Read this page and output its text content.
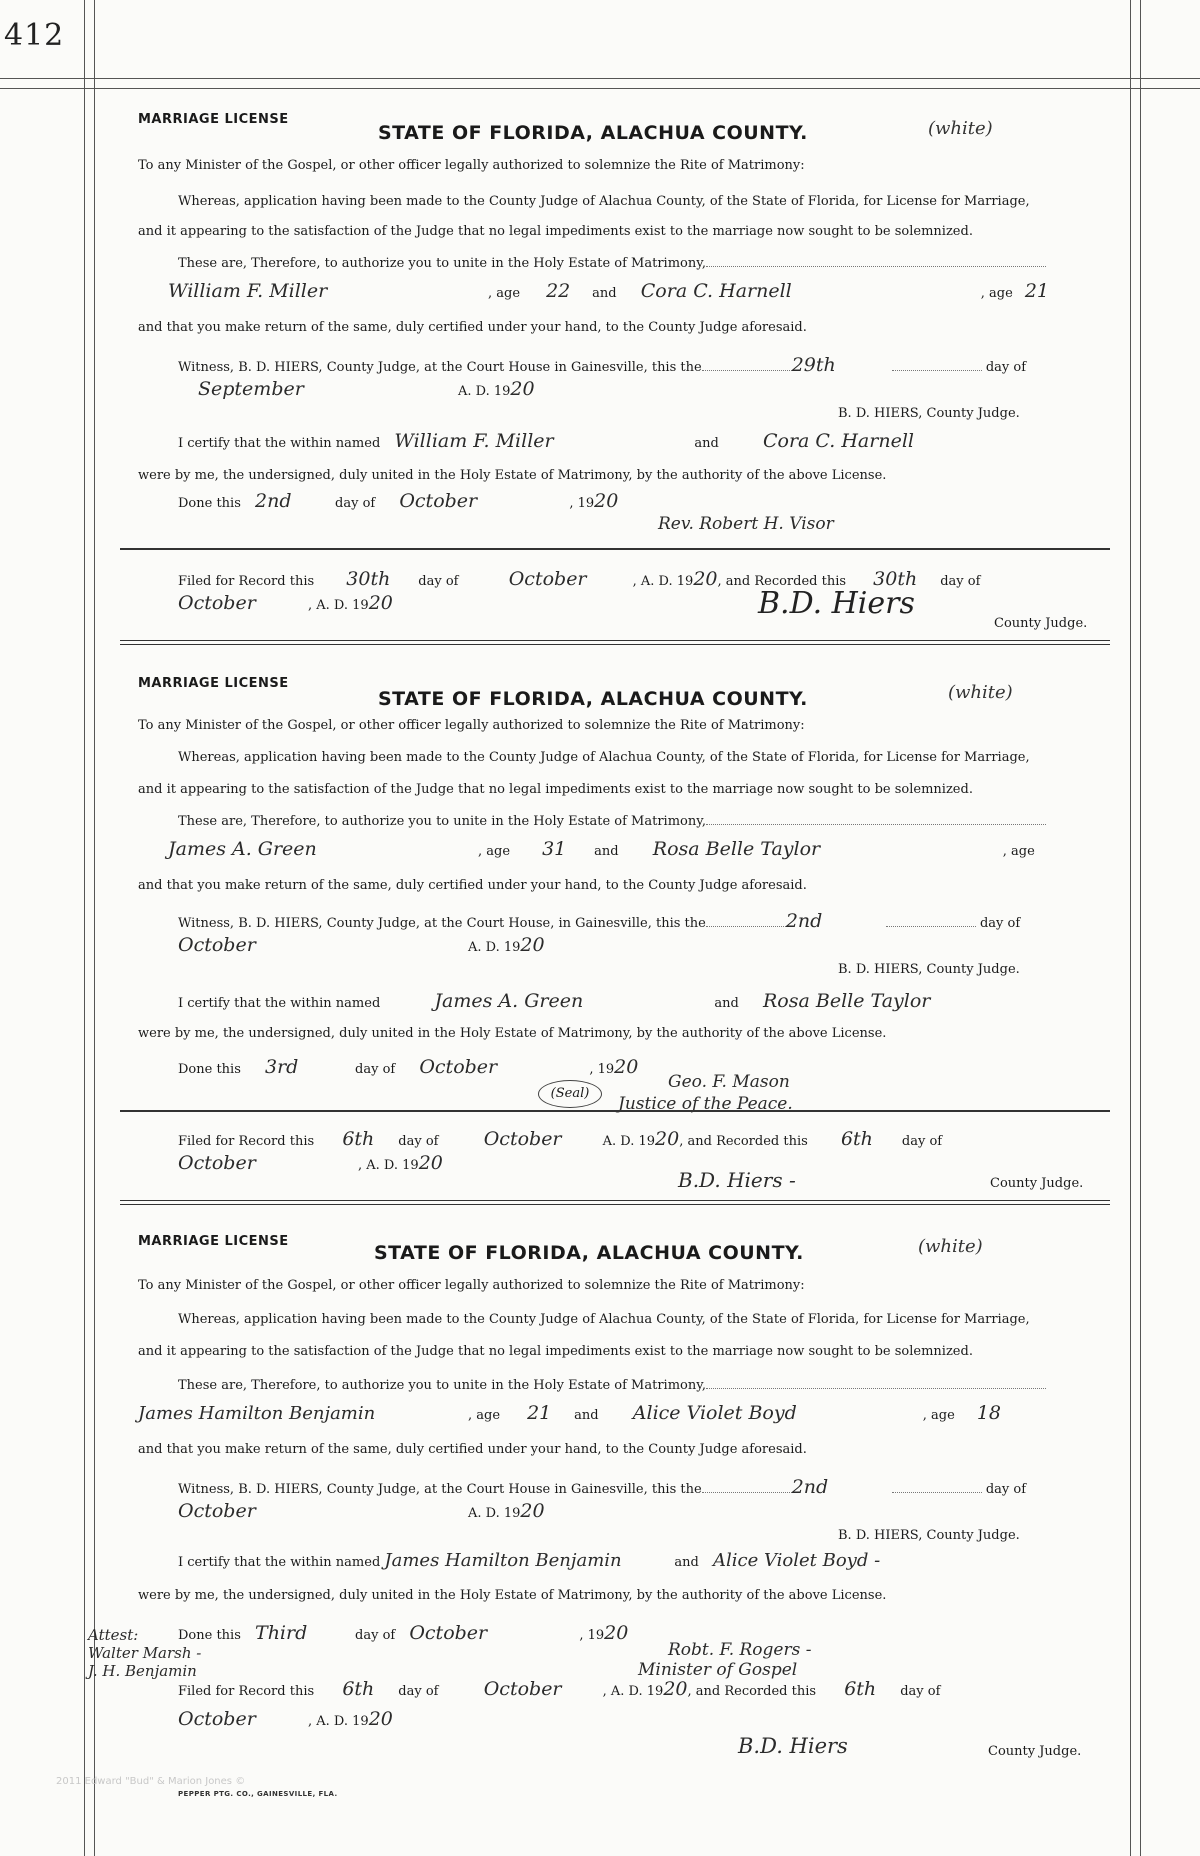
412
MARRIAGE LICENSE
STATE OF FLORIDA, ALACHUA COUNTY.	(white)
To any Minister of the Gospel, or other officer legally authorized to solemnize the Rite of Matrimony:
Whereas, application having been made to the County Judge of Alachua County, of the State of Florida, for License for Marriage,
and it appearing to the satisfaction of the Judge that no legal impediments exist to the marriage now sought to be solemnized.
These are, Therefore, to authorize you to unite in the Holy Estate of Matrimony,
William F. Miller	, age 22 and Cora C. Harnell	, age 21
and that you make return of the same, duly certified under your hand, to the County Judge aforesaid.
Witness, B. D. HIERS, County Judge, at the Court House in Gainesville, this the	29th	day of
September	A. D. 1920
B. D. HIERS, County Judge.
I certify that the within named William F. Miller	and Cora C. Harnell
were by me, the undersigned, duly united in the Holy Estate of Matrimony, by the authority of the above License.
Done this 2nd	day of October	, 1920
Rev. Robert H. Visor
Filed for Record this 30th day of	October	, A. D. 1920, and Recorded this 30th day of
October	, A. D. 1920	B.D. Hiers
County Judge.
MARRIAGE LICENSE
STATE OF FLORIDA, ALACHUA COUNTY.	(white)
To any Minister of the Gospel, or other officer legally authorized to solemnize the Rite of Matrimony:
Whereas, application having been made to the County Judge of Alachua County, of the State of Florida, for License for Marriage,
and it appearing to the satisfaction of the Judge that no legal impediments exist to the marriage now sought to be solemnized.
These are, Therefore, to authorize you to unite in the Holy Estate of Matrimony,
James A. Green	, age 31 and Rosa Belle Taylor	, age
and that you make return of the same, duly certified under your hand, to the County Judge aforesaid.
Witness, B. D. HIERS, County Judge, at the Court House, in Gainesville, this the	2nd	day of
October	A. D. 1920
B. D. HIERS, County Judge.
I certify that the within named	James A. Green	and Rosa Belle Taylor
were by me, the undersigned, duly united in the Holy Estate of Matrimony, by the authority of the above License.
Done this 3rd	day of October	, 1920
(Seal)
Geo. F. Mason
Justice of the Peace.
Filed for Record this 6th day of October	A. D. 1920, and Recorded this 6th day of
October	, A. D. 1920
B.D. Hiers -	County Judge.
MARRIAGE LICENSE
STATE OF FLORIDA, ALACHUA COUNTY.	(white)
To any Minister of the Gospel, or other officer legally authorized to solemnize the Rite of Matrimony:
Whereas, application having been made to the County Judge of Alachua County, of the State of Florida, for License for Marriage,
and it appearing to the satisfaction of the Judge that no legal impediments exist to the marriage now sought to be solemnized.
These are, Therefore, to authorize you to unite in the Holy Estate of Matrimony,
James Hamilton Benjamin	, age 21 and Alice Violet Boyd	, age 18
and that you make return of the same, duly certified under your hand, to the County Judge aforesaid.
Witness, B. D. HIERS, County Judge, at the Court House in Gainesville, this the	2nd	day of
October	A. D. 1920
B. D. HIERS, County Judge.
I certify that the within named James Hamilton Benjamin	and Alice Violet Boyd -
were by me, the undersigned, duly united in the Holy Estate of Matrimony, by the authority of the above License.
Done this Third	day of October	, 1920
Attest:
Walter Marsh -
J. H. Benjamin
Robt. F. Rogers -
Minister of Gospel
Filed for Record this 6th day of October	, A. D. 1920, and Recorded this 6th day of
October	, A. D. 1920
B.D. Hiers	County Judge.
2011 Edward "Bud" & Marion Jones ©
PEPPER PTG. CO., GAINESVILLE, FLA.
